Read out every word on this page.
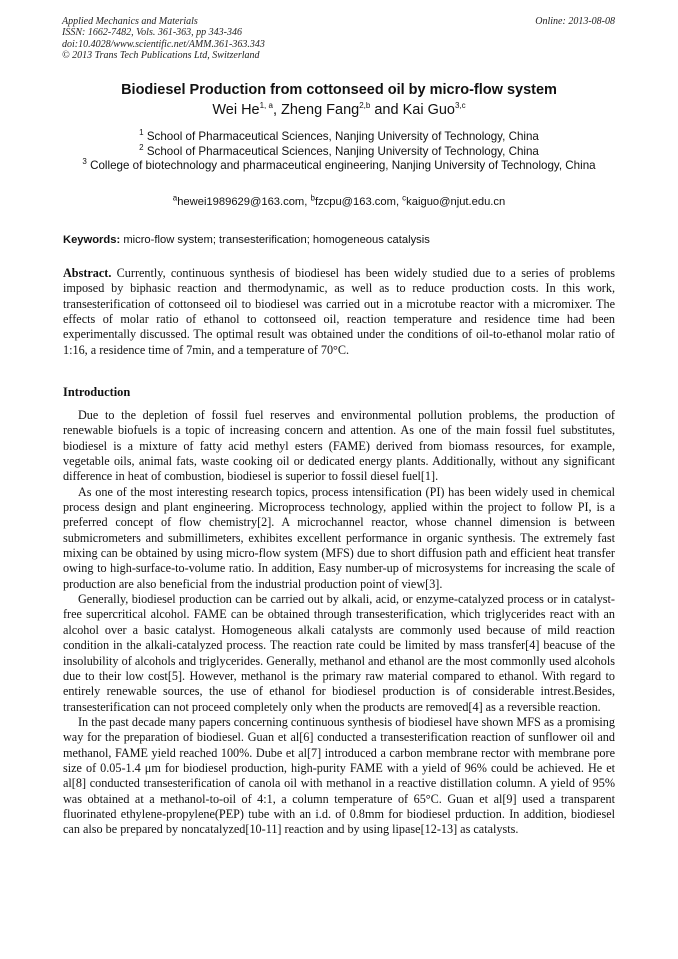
Applied Mechanics and Materials
ISSN: 1662-7482, Vols. 361-363, pp 343-346
doi:10.4028/www.scientific.net/AMM.361-363.343
© 2013 Trans Tech Publications Ltd, Switzerland
Online: 2013-08-08
Biodiesel Production from cottonseed oil by micro-flow system
Wei He$^{1, a}$, Zheng Fang$^{2,b}$ and Kai Guo$^{3,c}$
$^1$ School of Pharmaceutical Sciences, Nanjing University of Technology, China
$^2$ School of Pharmaceutical Sciences, Nanjing University of Technology, China
$^3$ College of biotechnology and pharmaceutical engineering, Nanjing University of Technology, China
$^a$hewei1989629@163.com, $^b$fzcpu@163.com, $^c$kaiguo@njut.edu.cn
Keywords: micro-flow system; transesterification; homogeneous catalysis
Abstract. Currently, continuous synthesis of biodiesel has been widely studied due to a series of problems imposed by biphasic reaction and thermodynamic, as well as to reduce production costs. In this work, transesterification of cottonseed oil to biodiesel was carried out in a microtube reactor with a micromixer. The effects of molar ratio of ethanol to cottonseed oil, reaction temperature and residence time had been experimentally discussed. The optimal result was obtained under the conditions of oil-to-ethanol molar ratio of 1:16, a residence time of 7min, and a temperature of 70°C.
Introduction

Due to the depletion of fossil fuel reserves and environmental pollution problems, the production of renewable biofuels is a topic of increasing concern and attention. As one of the main fossil fuel substitutes, biodiesel is a mixture of fatty acid methyl esters (FAME) derived from biomass resources, for example, vegetable oils, animal fats, waste cooking oil or dedicated energy plants. Additionally, without any significant difference in heat of combustion, biodiesel is superior to fossil diesel fuel[1].

As one of the most interesting research topics, process intensification (PI) has been widely used in chemical process design and plant engineering. Microprocess technology, applied within the project to follow PI, is a preferred concept of flow chemistry[2]. A microchannel reactor, whose channel dimension is between submicrometers and submillimeters, exhibites excellent performance in organic synthesis. The extremely fast mixing can be obtained by using micro-flow system (MFS) due to short diffusion path and efficient heat transfer owing to high-surface-to-volume ratio. In addition, Easy number-up of microsystems for increasing the scale of production are also beneficial from the industrial production point of view[3].

Generally, biodiesel production can be carried out by alkali, acid, or enzyme-catalyzed process or in catalyst-free supercritical alcohol. FAME can be obtained through transesterification, which triglycerides react with an alcohol over a basic catalyst. Homogeneous alkali catalysts are commonly used because of mild reaction condition in the alkali-catalyzed process. The reaction rate could be limited by mass transfer[4] beacuse of the insolubility of alcohols and triglycerides. Generally, methanol and ethanol are the most commonlly used alcohols due to their low cost[5]. However, methanol is the primary raw material compared to ethanol. With regard to entirely renewable sources, the use of ethanol for biodiesel production is of considerable intrest.Besides, transesterification can not proceed completely only when the products are removed[4] as a reversible reaction.

In the past decade many papers concerning continuous synthesis of biodiesel have shown MFS as a promising way for the preparation of biodiesel. Guan et al[6] conducted a transesterification reaction of sunflower oil and methanol, FAME yield reached 100%. Dube et al[7] introduced a carbon membrane rector with membrane pore size of 0.05-1.4 μm for biodiesel production, high-purity FAME with a yield of 96% could be achieved. He et al[8] conducted transesterification of canola oil with methanol in a reactive distillation column. A yield of 95% was obtained at a methanol-to-oil of 4:1, a column temperature of 65°C. Guan et al[9] used a transparent fluorinated ethylene-propylene(PEP) tube with an i.d. of 0.8mm for biodiesel prduction. In addition, biodiesel can also be prepared by noncatalyzed[10-11] reaction and by using lipase[12-13] as catalysts.
